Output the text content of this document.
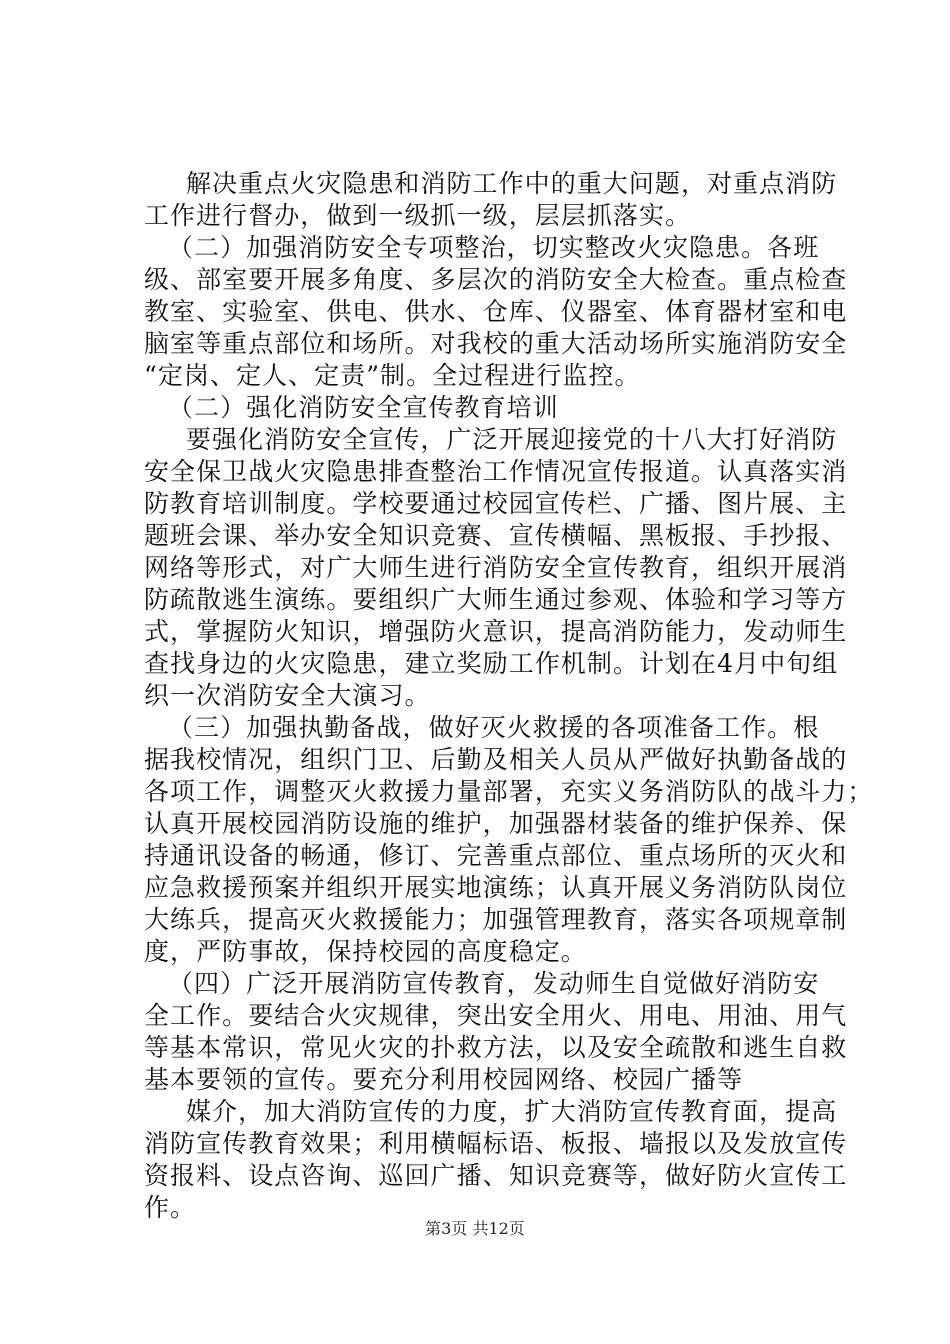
解决重点火灾隐患和消防工作中的重大问题，对重点消防
工作进行督办，做到一级抓一级，层层抓落实。
（二）加强消防安全专项整治，切实整改火灾隐患。各班
级、部室要开展多角度、多层次的消防安全大检查。重点检查
教室、实验室、供电、供水、仓库、仪器室、体育器材室和电
脑室等重点部位和场所。对我校的重大活动场所实施消防安全
“定岗、定人、定责”制。全过程进行监控。
（二）强化消防安全宣传教育培训
要强化消防安全宣传，广泛开展迎接党的十八大打好消防
安全保卫战火灾隐患排查整治工作情况宣传报道。认真落实消
防教育培训制度。学校要通过校园宣传栏、广播、图片展、主
题班会课、举办安全知识竞赛、宣传横幅、黑板报、手抄报、
网络等形式，对广大师生进行消防安全宣传教育，组织开展消
防疏散逃生演练。要组织广大师生通过参观、体验和学习等方
式，掌握防火知识，增强防火意识，提高消防能力，发动师生
查找身边的火灾隐患，建立奖励工作机制。计划在4月中旬组
织一次消防安全大演习。
（三）加强执勤备战，做好灭火救援的各项准备工作。根
据我校情况，组织门卫、后勤及相关人员从严做好执勤备战的
各项工作，调整灭火救援力量部署，充实义务消防队的战斗力；
认真开展校园消防设施的维护，加强器材装备的维护保养、保
持通讯设备的畅通，修订、完善重点部位、重点场所的灭火和
应急救援预案并组织开展实地演练；认真开展义务消防队岗位
大练兵，提高灭火救援能力；加强管理教育，落实各项规章制
度，严防事故，保持校园的高度稳定。
（四）广泛开展消防宣传教育，发动师生自觉做好消防安
全工作。要结合火灾规律，突出安全用火、用电、用油、用气
等基本常识，常见火灾的扑救方法，以及安全疏散和逃生自救
基本要领的宣传。要充分利用校园网络、校园广播等
媒介，加大消防宣传的力度，扩大消防宣传教育面，提高
消防宣传教育效果；利用横幅标语、板报、墙报以及发放宣传
资报料、设点咨询、巡回广播、知识竞赛等，做好防火宣传工
作。
第3页 共12页
